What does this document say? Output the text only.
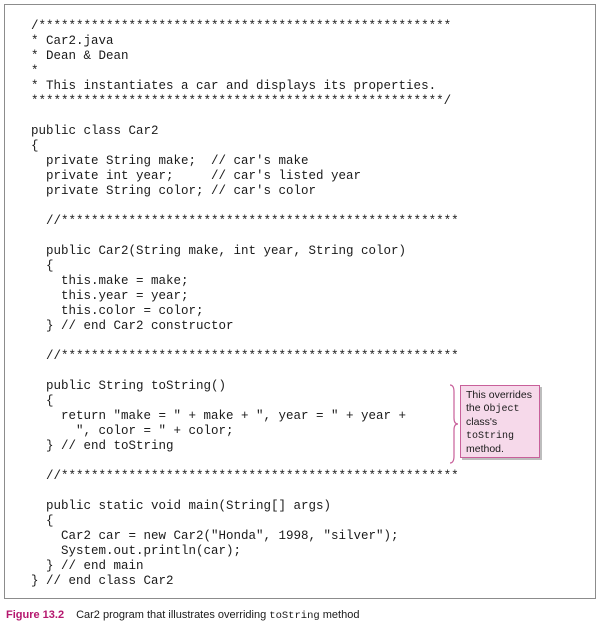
/*******************************************************
* Car2.java
* Dean & Dean
*
* This instantiates a car and displays its properties.
*******************************************************/
public class Car2
{
private String make;  // car's make
private int year;     // car's listed year
private String color; // car's color
//*****************************************************
public Car2(String make, int year, String color)
{
this.make = make;
this.year = year;
this.color = color;
} // end Car2 constructor
//*****************************************************
public String toString()
{
return "make = " + make + ", year = " + year +
", color = " + color;
} // end toString
//*****************************************************
public static void main(String[] args)
{
Car2 car = new Car2("Honda", 1998, "silver");
System.out.println(car);
} // end main
} // end class Car2
This overrides the Object class's toString method.
Figure 13.2 Car2 program that illustrates overriding toString method
